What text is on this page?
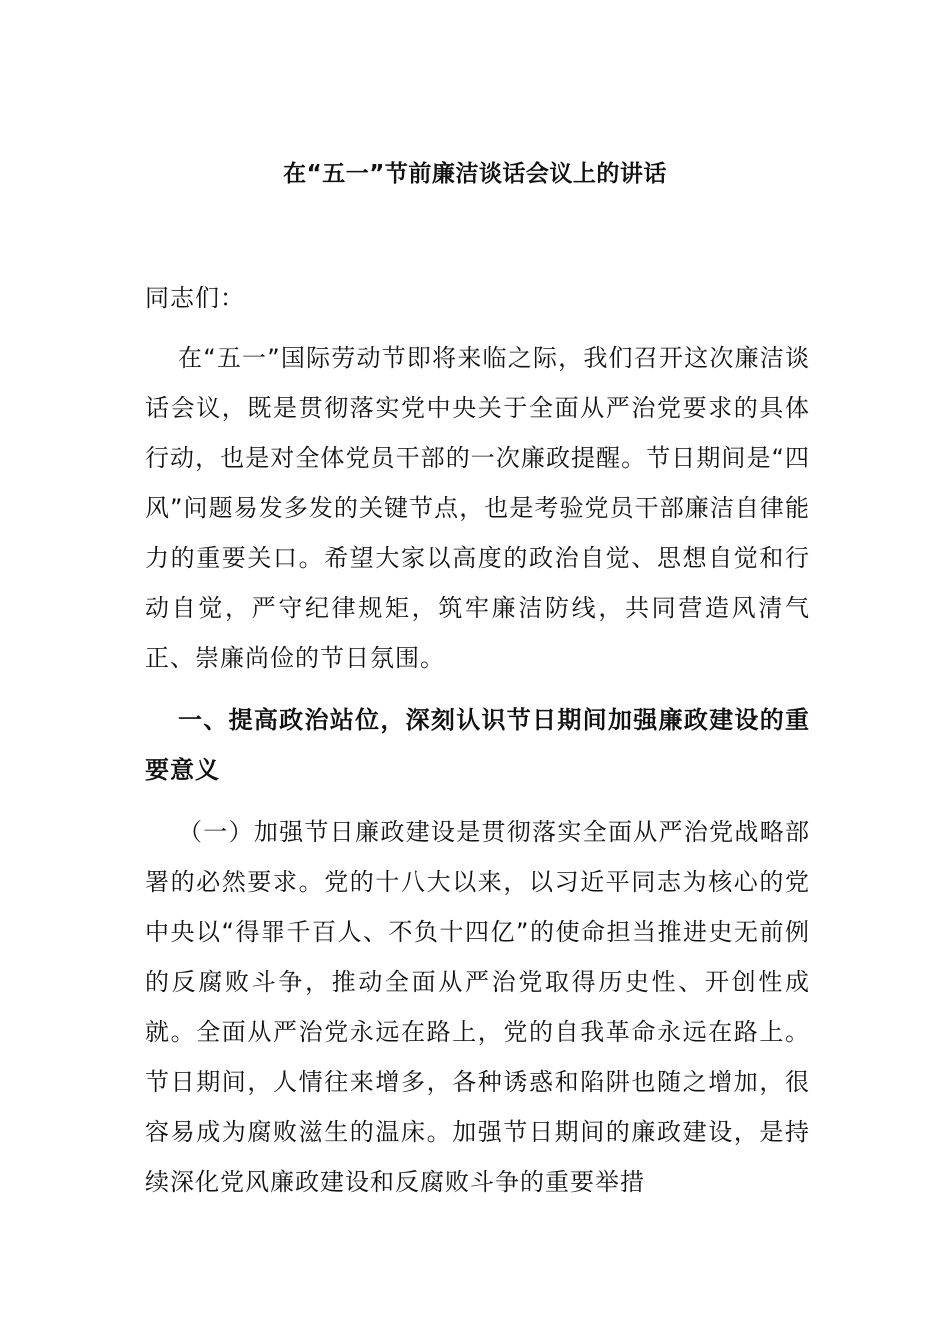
在“五一”节前廉洁谈话会议上的讲话

同志们：

在“五一”国际劳动节即将来临之际，我们召开这次廉洁谈话会议，既是贯彻落实党中央关于全面从严治党要求的具体行动，也是对全体党员干部的一次廉政提醒。节日期间是“四风”问题易发多发的关键节点，也是考验党员干部廉洁自律能力的重要关口。希望大家以高度的政治自觉、思想自觉和行动自觉，严守纪律规矩，筑牢廉洁防线，共同营造风清气正、崇廉尚俭的节日氛围。

一、提高政治站位，深刻认识节日期间加强廉政建设的重要意义

（一）加强节日廉政建设是贯彻落实全面从严治党战略部署的必然要求。党的十八大以来，以习近平同志为核心的党中央以“得罪千百人、不负十四亿”的使命担当推进史无前例的反腐败斗争，推动全面从严治党取得历史性、开创性成就。全面从严治党永远在路上，党的自我革命永远在路上。节日期间，人情往来增多，各种诱惑和陷阱也随之增加，很容易成为腐败滋生的温床。加强节日期间的廉政建设，是持续深化党风廉政建设和反腐败斗争的重要举措
